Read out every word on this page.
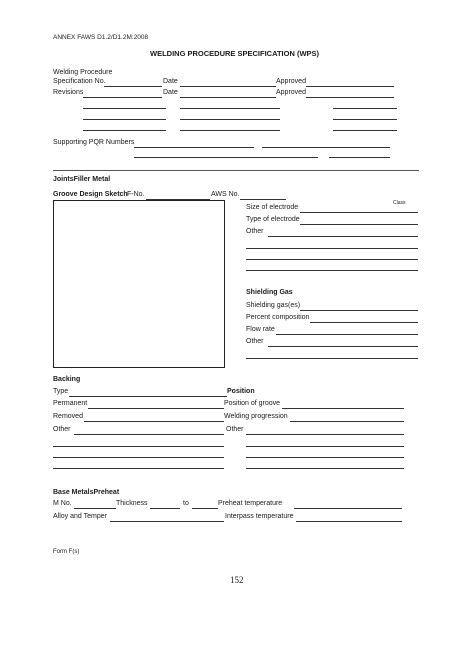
ANNEX FAWS D1.2/D1.2M:2008
WELDING PROCEDURE SPECIFICATION (WPS)
Welding Procedure
Specification No.	Date	Approved
Revisions	Date	Approved
Supporting PQR Numbers
JointsFiller Metal
Groove Design Sketch F-No.	AWS No.
Class
Size of electrode
Type of electrode
Other
Shielding Gas
Shielding gas(es)
Percent composition
Flow rate
Other
Backing
Type	Position
Permanent	Position of groove
Removed	Welding progression
Other	Other
Base MetalsPreheat
M No.	Thickness	to	Preheat temperature
Alloy and Temper	Interpass temperature
Form F(s)
152
